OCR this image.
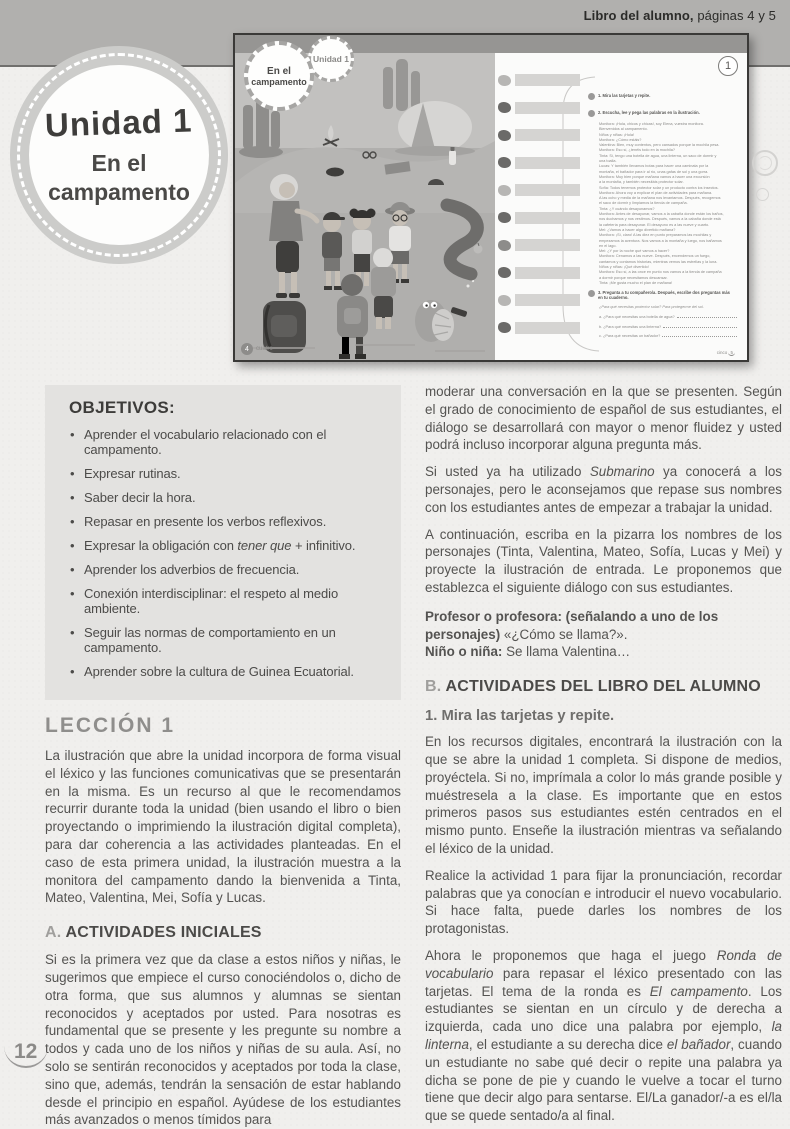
Libro del alumno, páginas 4 y 5
Unidad 1
En el
campamento
En el
campamento
Unidad 1
4	cuatro
1
1. Mira las tarjetas y repite.
2. Escucha, lee y pega las palabras en la ilustración.
Monitora: ¡Hola, chicos y chicas!, soy Elena, vuestra monitora.
Bienvenidos al campamento.
Niños y niñas: ¡Hola!
Monitora: ¿Cómo estáis?
Valentina: Bien, muy contentos, pero cansados porque la mochila pesa.
Monitora: Eso sí, ¿tenéis todo en la mochila?
Tinta: Sí, tengo una botella de agua, una linterna, un saco de dormir y
una toalla.
Lucas: Y también llevamos botas para hacer una caminata por la
montaña, el bañador para ir al río, unas gafas de sol y una gorra.
Monitora: Muy bien porque mañana vamos a hacer una excursión
a la montaña, y también necesitáis protector solar.
Sofía: Todos tenemos protector solar y un producto contra los insectos.
Monitora: Ahora voy a explicar el plan de actividades para mañana.
A las ocho y media de la mañana nos levantamos. Después, recogemos
el saco de dormir y limpiamos la tienda de campaña.
Tinta: ¿Y cuándo desayunamos?
Monitora: Antes de desayunar, vamos a la cabaña donde están los baños,
nos duchamos y nos vestimos. Después, vamos a la cabaña donde está
la cafetería para desayunar. El desayuno es a las nueve y cuarto.
Mei: ¿Vamos a hacer algo divertido mañana?
Monitora: ¡Sí, claro! A las diez en punto preparamos las mochilas y
empezamos la aventura. Nos vamos a la montaña y luego, nos bañamos
en el lago.
Mei: ¿Y por la noche qué vamos a hacer?
Monitora: Cenamos a las nueve. Después, encendemos un fuego,
cantamos y contamos historias, mientras vemos las estrellas y la luna.
Niños y niñas: ¡Qué divertido!
Monitora: Eso sí, a las once en punto nos vamos a la tienda de campaña
a dormir porque necesitamos descansar.
Tinta: ¡Me gusta mucho el plan de mañana!
3. Pregunta a tu compañero/a. Después, escribe dos preguntas más
en tu cuaderno.
¿Para qué necesitas protector solar? Para protegerme del sol.
a. ¿Para qué necesitas una botella de agua?
b. ¿Para qué necesitas una linterna?
c. ¿Para qué necesitas un bañador?
cinco 5
OBJETIVOS:
• Aprender el vocabulario relacionado con el campamento.
• Expresar rutinas.
• Saber decir la hora.
• Repasar en presente los verbos reflexivos.
• Expresar la obligación con tener que + infinitivo.
• Aprender los adverbios de frecuencia.
• Conexión interdisciplinar: el respeto al medio ambiente.
• Seguir las normas de comportamiento en un campamento.
• Aprender sobre la cultura de Guinea Ecuatorial.
LECCIÓN 1

La ilustración que abre la unidad incorpora de forma visual el léxico y las funciones comunicativas que se presentarán en la misma. Es un recurso al que le recomendamos recurrir durante toda la unidad (bien usando el libro o bien proyectando o imprimiendo la ilustración digital completa), para dar coherencia a las actividades planteadas. En el caso de esta primera unidad, la ilustración muestra a la monitora del campamento dando la bienvenida a Tinta, Mateo, Valentina, Mei, Sofía y Lucas.

A. ACTIVIDADES INICIALES

Si es la primera vez que da clase a estos niños y niñas, le sugerimos que empiece el curso conociéndolos o, dicho de otra forma, que sus alumnos y alumnas se sientan reconocidos y aceptados por usted. Para nosotras es fundamental que se presente y les pregunte su nombre a todos y cada uno de los niños y niñas de su aula. Así, no solo se sentirán reconocidos y aceptados por toda la clase, sino que, además, tendrán la sensación de estar hablando desde el principio en español. Ayúdese de los estudiantes más avanzados o menos tímidos para

moderar una conversación en la que se presenten. Según el grado de conocimiento de español de sus estudiantes, el diálogo se desarrollará con mayor o menor fluidez y usted podrá incluso incorporar alguna pregunta más.

Si usted ya ha utilizado Submarino ya conocerá a los personajes, pero le aconsejamos que repase sus nombres con los estudiantes antes de empezar a trabajar la unidad.

A continuación, escriba en la pizarra los nombres de los personajes (Tinta, Valentina, Mateo, Sofía, Lucas y Mei) y proyecte la ilustración de entrada. Le proponemos que establezca el siguiente diálogo con sus estudiantes.

Profesor o profesora: (señalando a uno de los personajes) «¿Cómo se llama?».
Niño o niña: Se llama Valentina…
B. ACTIVIDADES DEL LIBRO DEL ALUMNO
1. Mira las tarjetas y repite.

En los recursos digitales, encontrará la ilustración con la que se abre la unidad 1 completa. Si dispone de medios, proyéctela. Si no, imprímala a color lo más grande posible y muéstresela a la clase. Es importante que en estos primeros pasos sus estudiantes estén centrados en el mismo punto. Enseñe la ilustración mientras va señalando el léxico de la unidad.

Realice la actividad 1 para fijar la pronunciación, recordar palabras que ya conocían e introducir el nuevo vocabulario. Si hace falta, puede darles los nombres de los protagonistas.

Ahora le proponemos que haga el juego Ronda de vocabulario para repasar el léxico presentado con las tarjetas. El tema de la ronda es El campamento. Los estudiantes se sientan en un círculo y de derecha a izquierda, cada uno dice una palabra por ejemplo, la linterna, el estudiante a su derecha dice el bañador, cuando un estudiante no sabe qué decir o repite una palabra ya dicha se pone de pie y cuando le vuelve a tocar el turno tiene que decir algo para sentarse. El/La ganador/-a es el/la que se quede sentado/a al final.

12
